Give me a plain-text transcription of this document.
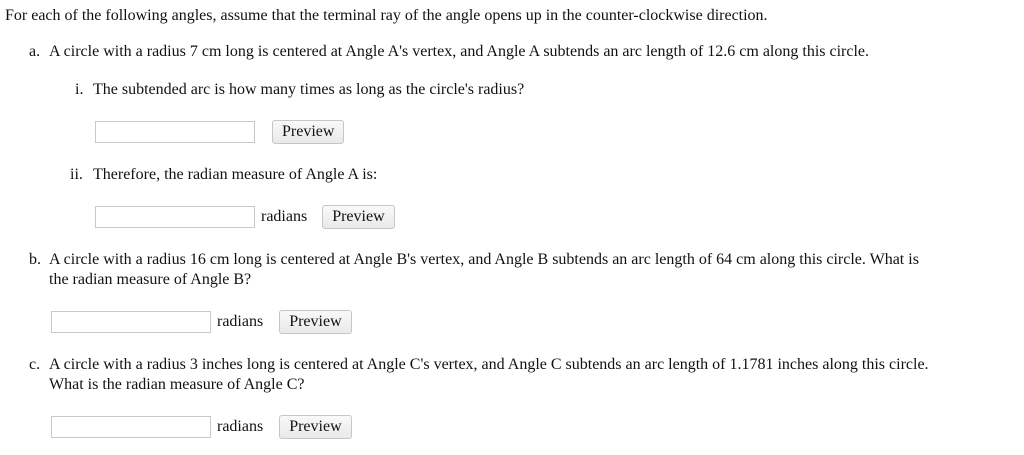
For each of the following angles, assume that the terminal ray of the angle opens up in the counter-clockwise direction.
a. A circle with a radius 7 cm long is centered at Angle A's vertex, and Angle A subtends an arc length of 12.6 cm along this circle.
i. The subtended arc is how many times as long as the circle's radius?
Preview
ii. Therefore, the radian measure of Angle A is:
radians	Preview
b. A circle with a radius 16 cm long is centered at Angle B's vertex, and Angle B subtends an arc length of 64 cm along this circle. What is
the radian measure of Angle B?
radians	Preview
c. A circle with a radius 3 inches long is centered at Angle C's vertex, and Angle C subtends an arc length of 1.1781 inches along this circle.
What is the radian measure of Angle C?
radians	Preview
